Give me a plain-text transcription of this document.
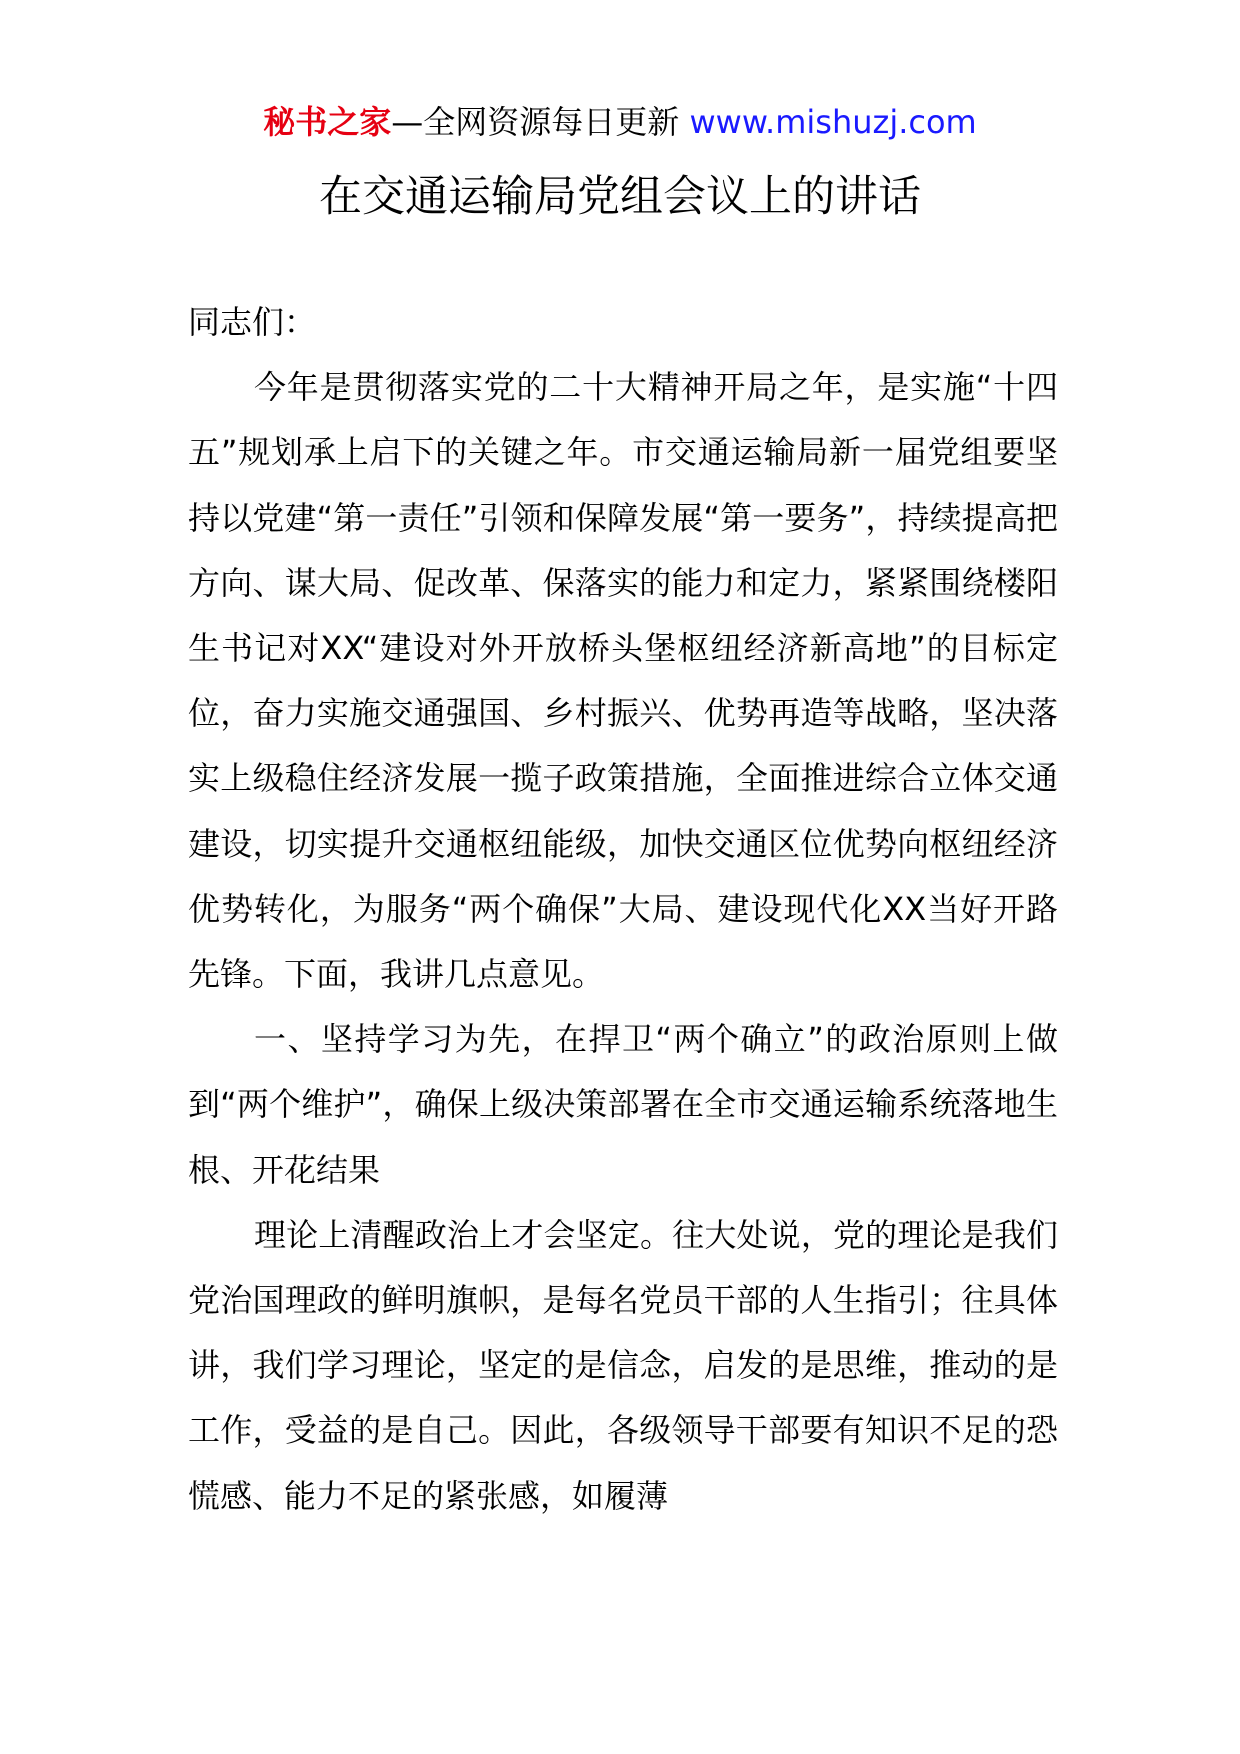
秘书之家—全网资源每日更新 www.mishuzj.com
在交通运输局党组会议上的讲话

同志们：

今年是贯彻落实党的二十大精神开局之年，是实施“十四五”规划承上启下的关键之年。市交通运输局新一届党组要坚持以党建“第一责任”引领和保障发展“第一要务”，持续提高把方向、谋大局、促改革、保落实的能力和定力，紧紧围绕楼阳生书记对XX“建设对外开放桥头堡枢纽经济新高地”的目标定位，奋力实施交通强国、乡村振兴、优势再造等战略，坚决落实上级稳住经济发展一揽子政策措施，全面推进综合立体交通建设，切实提升交通枢纽能级，加快交通区位优势向枢纽经济优势转化，为服务“两个确保”大局、建设现代化XX当好开路先锋。下面，我讲几点意见。

一、坚持学习为先，在捍卫“两个确立”的政治原则上做到“两个维护”，确保上级决策部署在全市交通运输系统落地生根、开花结果

理论上清醒政治上才会坚定。往大处说，党的理论是我们党治国理政的鲜明旗帜，是每名党员干部的人生指引；往具体讲，我们学习理论，坚定的是信念，启发的是思维，推动的是工作，受益的是自己。因此，各级领导干部要有知识不足的恐慌感、能力不足的紧张感，如履薄
